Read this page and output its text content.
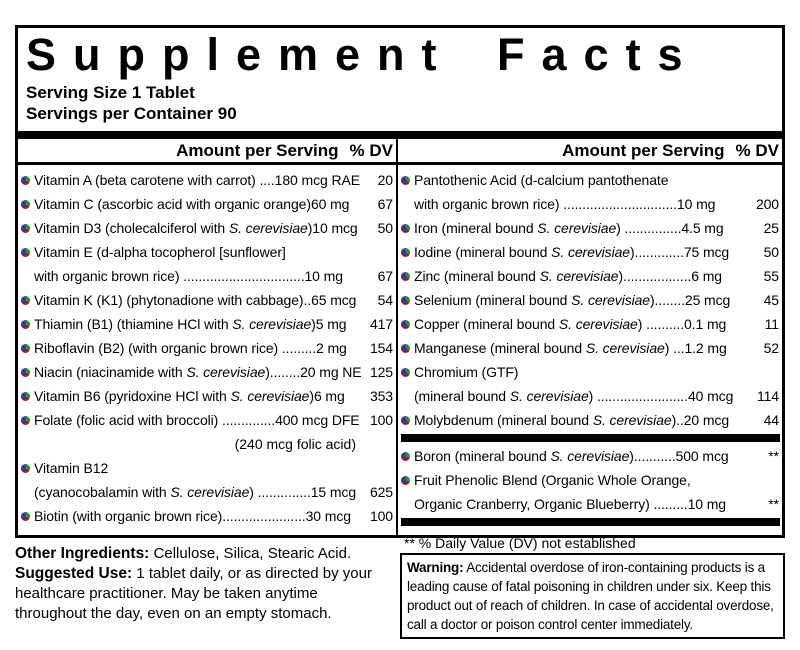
Supplement Facts
Serving Size 1 Tablet
Servings per Container 90
Amount per Serving % DV
Vitamin A (beta carotene with carrot) .... 180 mcg RAE	20
Vitamin C (ascorbic acid with organic orange) 60 mg	67
Vitamin D3 (cholecalciferol with S. cerevisiae) 10 mcg	50
Vitamin E (d-alpha tocopherol [sunflower]
with organic brown rice) ................................ 10 mg	67
Vitamin K (K1) (phytonadione with cabbage).. 65 mcg	54
Thiamin (B1) (thiamine HCl with S. cerevisiae) 5 mg 417
Riboflavin (B2) (with organic brown rice) ......... 2 mg 154
Niacin (niacinamide with S. cerevisiae)........ 20 mg NE 125
Vitamin B6 (pyridoxine HCl with S. cerevisiae) 6 mg 353
Folate (folic acid with broccoli) .............. 400 mcg DFE 100
(240 mcg folic acid)
Vitamin B12
(cyanocobalamin with S. cerevisiae) .............. 15 mcg 625
Biotin (with organic brown rice)...................... 30 mcg 100
Amount per Serving % DV
Pantothenic Acid (d-calcium pantothenate
with organic brown rice) .............................. 10 mg	200
Iron (mineral bound S. cerevisiae) ............... 4.5 mg	25
Iodine (mineral bound S. cerevisiae)............. 75 mcg	50
Zinc (mineral bound S. cerevisiae).................. 6 mg	55
Selenium (mineral bound S. cerevisiae)........ 25 mcg	45
Copper (mineral bound S. cerevisiae) .......... 0.1 mg	11
Manganese (mineral bound S. cerevisiae) ... 1.2 mg	52
Chromium (GTF)
(mineral bound S. cerevisiae) ........................ 40 mcg 114
Molybdenum (mineral bound S. cerevisiae).. 20 mcg	44
Boron (mineral bound S. cerevisiae)........... 500 mcg	**
Fruit Phenolic Blend (Organic Whole Orange,
Organic Cranberry, Organic Blueberry) ......... 10 mg	**
** % Daily Value (DV) not established
Other Ingredients: Cellulose, Silica, Stearic Acid.
Suggested Use: 1 tablet daily, or as directed by your healthcare practitioner. May be taken anytime throughout the day, even on an empty stomach.
Warning: Accidental overdose of iron-containing products is a leading cause of fatal poisoning in children under six. Keep this product out of reach of children. In case of accidental overdose, call a doctor or poison control center immediately.
